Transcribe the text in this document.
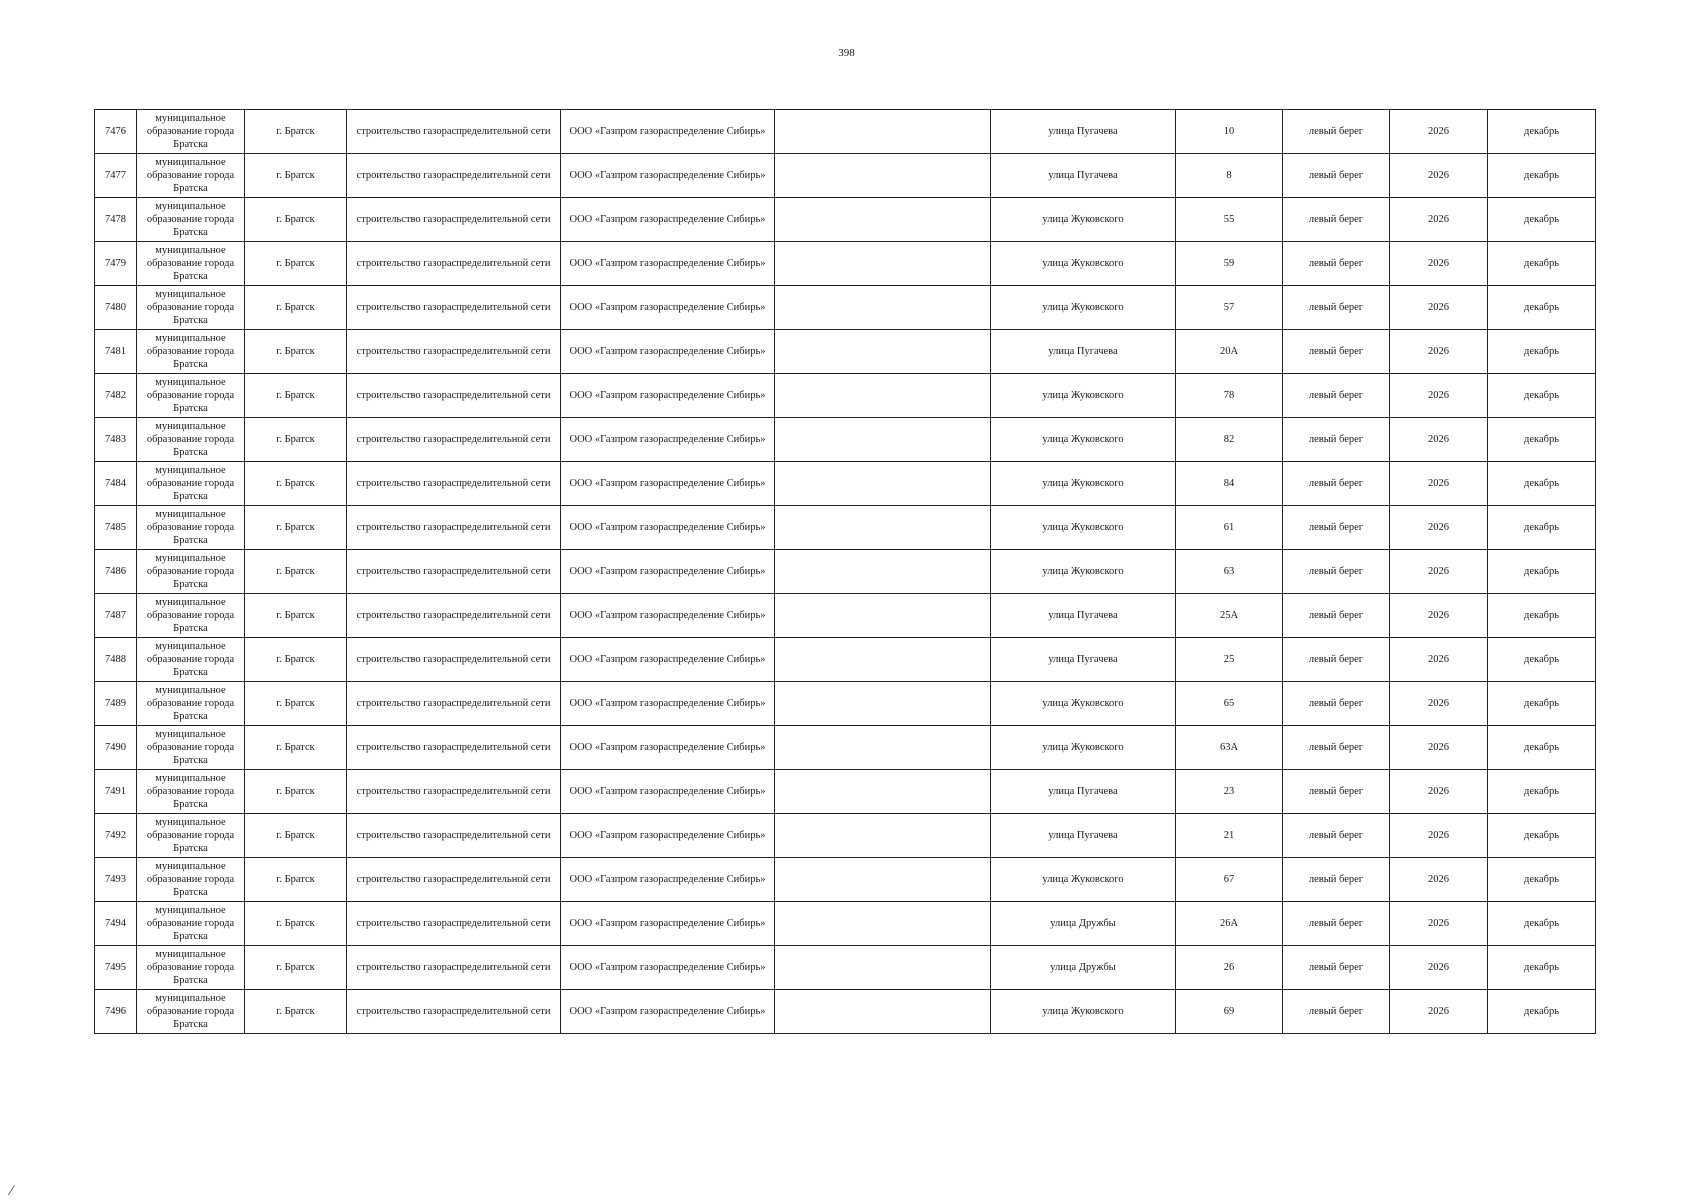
398
7476	муниципальное образование города Братска	г. Братск	строительство газораспределительной сети	ООО «Газпром газораспределение Сибирь»		улица Пугачева	10	левый берег	2026	декабрь
7477	муниципальное образование города Братска	г. Братск	строительство газораспределительной сети	ООО «Газпром газораспределение Сибирь»		улица Пугачева	8	левый берег	2026	декабрь
7478	муниципальное образование города Братска	г. Братск	строительство газораспределительной сети	ООО «Газпром газораспределение Сибирь»		улица Жуковского	55	левый берег	2026	декабрь
7479	муниципальное образование города Братска	г. Братск	строительство газораспределительной сети	ООО «Газпром газораспределение Сибирь»		улица Жуковского	59	левый берег	2026	декабрь
7480	муниципальное образование города Братска	г. Братск	строительство газораспределительной сети	ООО «Газпром газораспределение Сибирь»		улица Жуковского	57	левый берег	2026	декабрь
7481	муниципальное образование города Братска	г. Братск	строительство газораспределительной сети	ООО «Газпром газораспределение Сибирь»		улица Пугачева	20А	левый берег	2026	декабрь
7482	муниципальное образование города Братска	г. Братск	строительство газораспределительной сети	ООО «Газпром газораспределение Сибирь»		улица Жуковского	78	левый берег	2026	декабрь
7483	муниципальное образование города Братска	г. Братск	строительство газораспределительной сети	ООО «Газпром газораспределение Сибирь»		улица Жуковского	82	левый берег	2026	декабрь
7484	муниципальное образование города Братска	г. Братск	строительство газораспределительной сети	ООО «Газпром газораспределение Сибирь»		улица Жуковского	84	левый берег	2026	декабрь
7485	муниципальное образование города Братска	г. Братск	строительство газораспределительной сети	ООО «Газпром газораспределение Сибирь»		улица Жуковского	61	левый берег	2026	декабрь
7486	муниципальное образование города Братска	г. Братск	строительство газораспределительной сети	ООО «Газпром газораспределение Сибирь»		улица Жуковского	63	левый берег	2026	декабрь
7487	муниципальное образование города Братска	г. Братск	строительство газораспределительной сети	ООО «Газпром газораспределение Сибирь»		улица Пугачева	25А	левый берег	2026	декабрь
7488	муниципальное образование города Братска	г. Братск	строительство газораспределительной сети	ООО «Газпром газораспределение Сибирь»		улица Пугачева	25	левый берег	2026	декабрь
7489	муниципальное образование города Братска	г. Братск	строительство газораспределительной сети	ООО «Газпром газораспределение Сибирь»		улица Жуковского	65	левый берег	2026	декабрь
7490	муниципальное образование города Братска	г. Братск	строительство газораспределительной сети	ООО «Газпром газораспределение Сибирь»		улица Жуковского	63А	левый берег	2026	декабрь
7491	муниципальное образование города Братска	г. Братск	строительство газораспределительной сети	ООО «Газпром газораспределение Сибирь»		улица Пугачева	23	левый берег	2026	декабрь
7492	муниципальное образование города Братска	г. Братск	строительство газораспределительной сети	ООО «Газпром газораспределение Сибирь»		улица Пугачева	21	левый берег	2026	декабрь
7493	муниципальное образование города Братска	г. Братск	строительство газораспределительной сети	ООО «Газпром газораспределение Сибирь»		улица Жуковского	67	левый берег	2026	декабрь
7494	муниципальное образование города Братска	г. Братск	строительство газораспределительной сети	ООО «Газпром газораспределение Сибирь»		улица Дружбы	26А	левый берег	2026	декабрь
7495	муниципальное образование города Братска	г. Братск	строительство газораспределительной сети	ООО «Газпром газораспределение Сибирь»		улица Дружбы	26	левый берег	2026	декабрь
7496	муниципальное образование города Братска	г. Братск	строительство газораспределительной сети	ООО «Газпром газораспределение Сибирь»		улица Жуковского	69	левый берег	2026	декабрь
/
